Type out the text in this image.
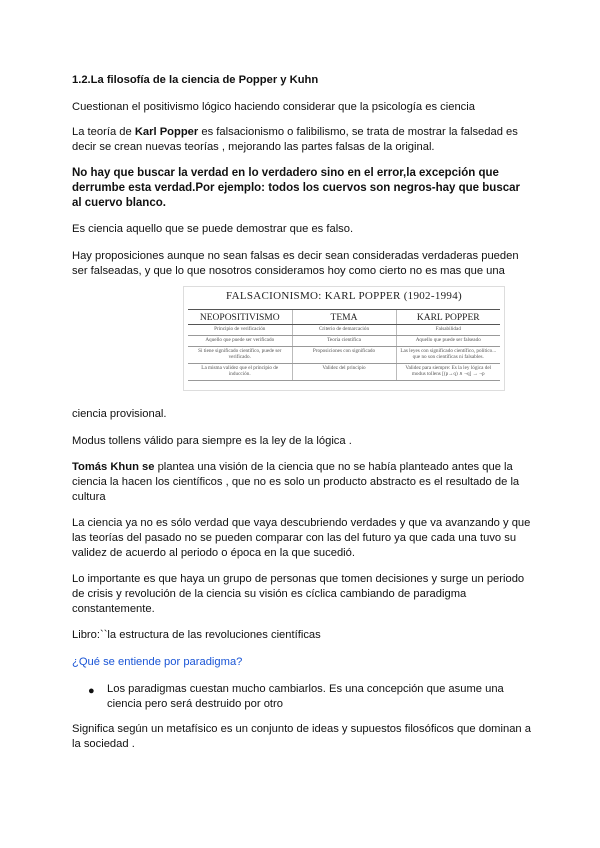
1.2.La filosofía de la ciencia de Popper y Kuhn

Cuestionan el positivismo lógico haciendo considerar que la psicología es ciencia

La teoría de Karl Popper es falsacionismo o falibilismo, se trata de mostrar la falsedad es decir se crean nuevas teorías , mejorando las partes falsas de la original.

No hay que buscar la verdad en lo verdadero sino en el error,la excepción que derrumbe esta verdad.Por ejemplo: todos los cuervos son negros-hay que buscar al cuervo blanco.

Es ciencia aquello que se puede demostrar que es falso.

Hay proposiciones aunque no sean falsas es decir sean consideradas verdaderas pueden ser falseadas, y que lo que nosotros consideramos hoy como cierto no es mas que una

FALSACIONISMO: KARL POPPER (1902-1994)
NEOPOSITIVISMO	TEMA	KARL POPPER
Principio de verificación	Criterio de demarcación	Falsabilidad
Aquello que puede ser verificado	Teoría científica	Aquello que puede ser falseado
Si tiene significado científico, puede ser verificado.	Proposiciones con significado	Las leyes con significado científico, político... que no son científicas ni falsables.
La misma validez que el principio de inducción.	Validez del principio	Validez para siempre: Es la ley lógica del modus tollens [(p→q) ∧ ¬q] → ¬p

ciencia provisional.

Modus tollens válido para siempre es la ley de la lógica .

Tomás Khun se plantea una visión de la ciencia que no se había planteado antes que la ciencia la hacen los científicos , que no es solo un producto abstracto es el resultado de la cultura

La ciencia ya no es sólo verdad que vaya descubriendo verdades y que va avanzando y que las teorías del pasado no se pueden comparar con las del futuro ya que cada una tuvo su validez de acuerdo al periodo o época en la que sucedió.

Lo importante es que haya un grupo de personas que tomen decisiones y surge un periodo de crisis y revolución de la ciencia su visión es cíclica cambiando de paradigma constantemente.

Libro:``la estructura de las revoluciones científicas

¿Qué se entiende por paradigma?

● Los paradigmas cuestan mucho cambiarlos. Es una concepción que asume una ciencia pero será destruido por otro

Significa según un metafísico es un conjunto de ideas y supuestos filosóficos que dominan a la sociedad .
